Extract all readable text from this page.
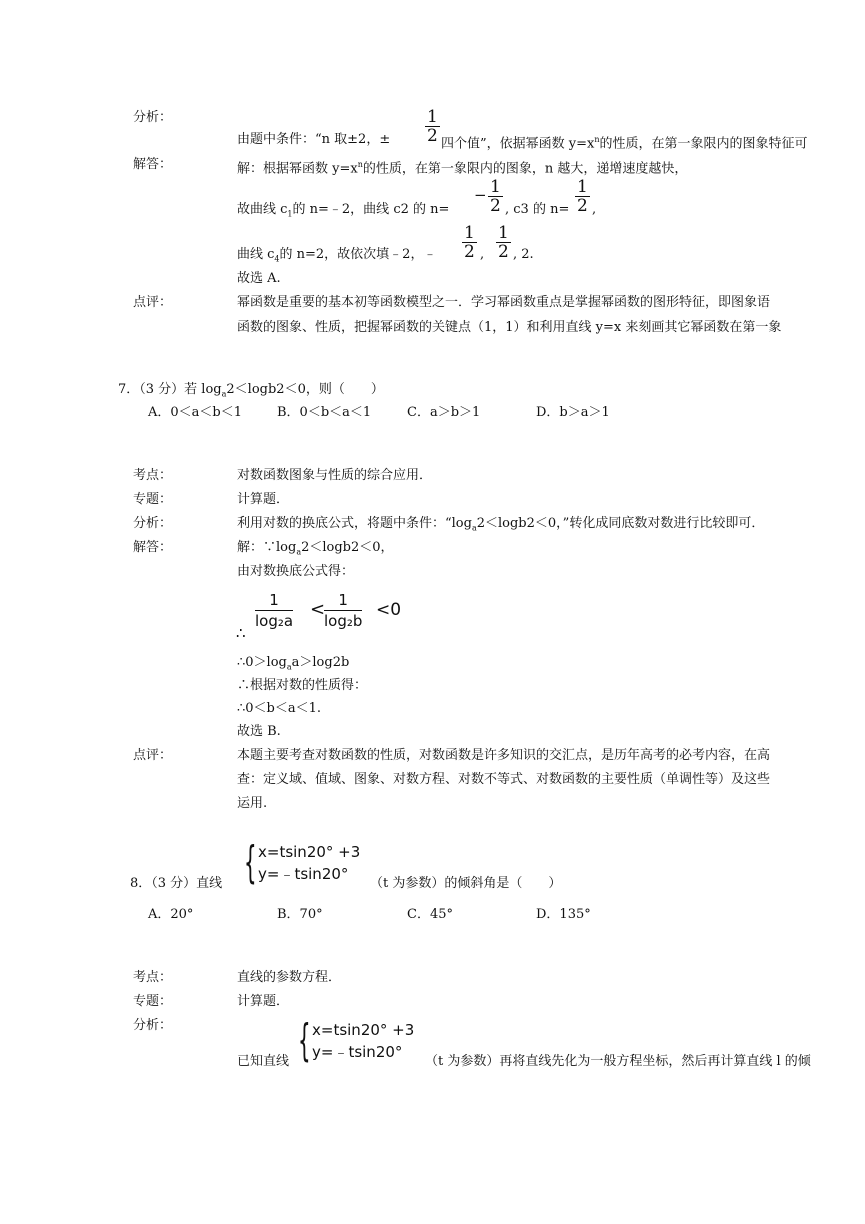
分析：
由题中条件：“n 取±2，± $\frac{1}{2}$ 四个值”，依据幂函数 $y=x^n$的性质，在第一象限内的图象特征可
解答：	解：根据幂函数 $y=x^n$的性质，在第一象限内的图象，n 越大，递增速度越快，
故曲线 $c_1$的 n=﹣2，曲线 c2 的 n=
− $\frac{1}{2}$ , c3 的 $n= \frac{1}{2}$ ,
曲线 $c_4$的 n=2，故依次填﹣2，﹣ $\frac{1}{2}$ , $\frac{1}{2}$ , 2.
故选 A.
点评：	幂函数是重要的基本初等函数模型之一．学习幂函数重点是掌握幂函数的图形特征，即图象语
函数的图象、性质，把握幂函数的关键点（1，1）和利用直线 y=x 来刻画其它幂函数在第一象
7．（3 分）若 $\log_a2<\log b2<0$，则（　　）
A．0＜a＜b＜1	B．0＜b＜a＜1	C．a＞b＞1	D．b＞a＞1
考点：	对数函数图象与性质的综合应用．
专题：	计算题．
分析：	利用对数的换底公式，将题中条件：“$\log_a2<\log b2<0$，”转化成同底数对数进行比较即可．
解答：	解：$\because\log_a2<\log b2<0$，
由对数换底公式得：
∴
$\frac{1}{\text{log₂a}}$ <
$\frac{1}{\text{log₂b}} <0$
$\therefore 0>\log_aa>\log 2b$
∴根据对数的性质得：
∴0＜b＜a＜1.
故选 B.
点评：	本题主要考查对数函数的性质，对数函数是许多知识的交汇点，是历年高考的必考内容，在高
查：定义域、值域、图象、对数方程、对数不等式、对数函数的主要性质（单调性等）及这些
运用.
8．（3 分）直线 { x=tsin20° +3
y=﹣tsin20°
（t 为参数）的倾斜角是（　　）
A．20°	B．70°	C．45°	D．135°
考点：	直线的参数方程．
专题：	计算题．
分析：
已知直线 { x=tsin20° +3
y=﹣tsin20°
（t 为参数）再将直线先化为一般方程坐标，然后再计算直线 l 的倾
